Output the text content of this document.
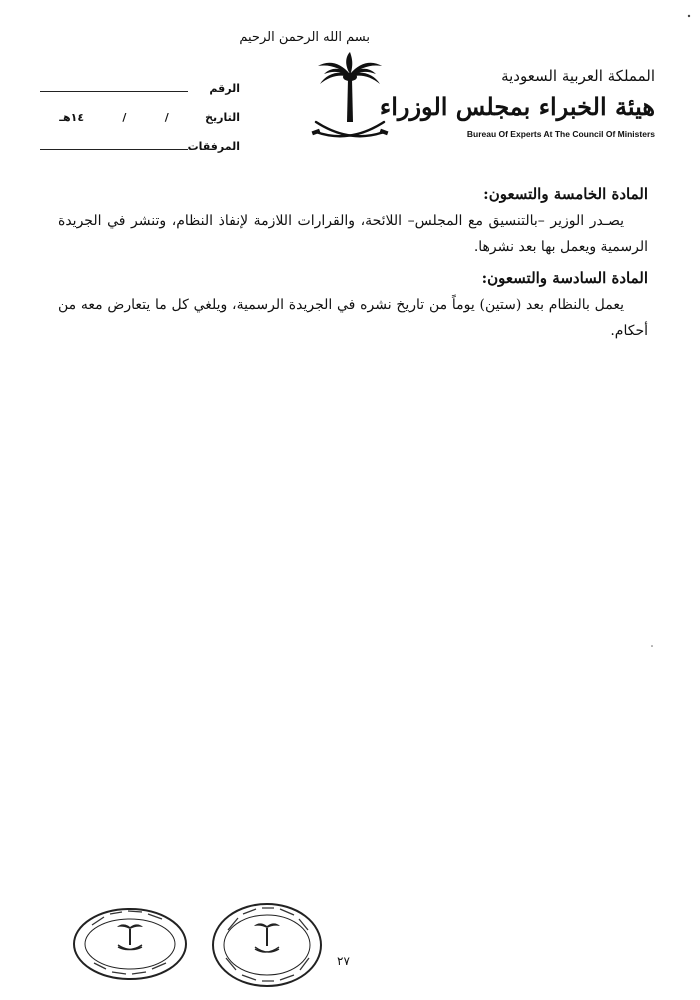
بسم الله الرحمن الرحيم
المملكة العربية السعودية
هيئة الخبراء بمجلس الوزراء
Bureau Of Experts At The Council Of Ministers
الرقم
التاريخ
/
/
١٤هـ
المرفقات
المادة الخامسة والتسعون:

يصـدر الوزير –بالتنسيق مع المجلس– اللائحة، والقرارات اللازمة لإنفاذ النظام، وتنشر في الجريدة الرسمية ويعمل بها بعد نشرها.

المادة السادسة والتسعون:

يعمل بالنظام بعد (ستين) يوماً من تاريخ نشره في الجريدة الرسمية، ويلغي كل ما يتعارض معه من أحكام.

٢٧
